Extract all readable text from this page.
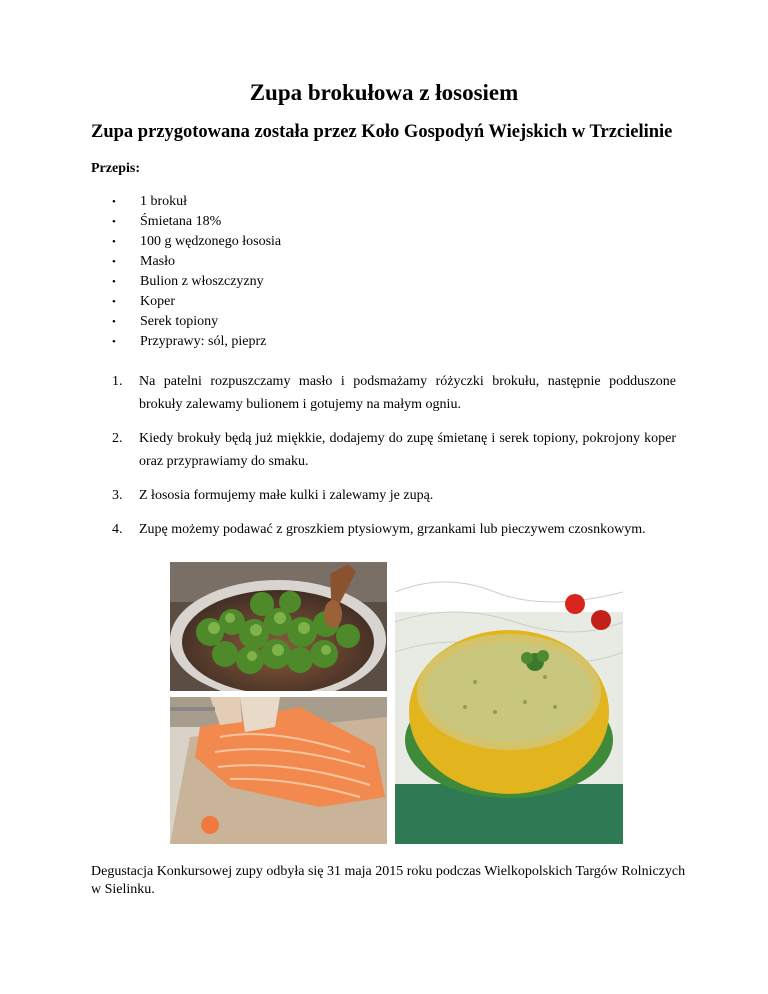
Zupa brokułowa z łososiem
Zupa przygotowana została przez Koło Gospodyń Wiejskich w Trzcielinie

Przepis:

• 1 brokuł
• Śmietana 18%
• 100 g wędzonego łososia
• Masło
• Bulion z włoszczyzny
• Koper
• Serek topiony
• Przyprawy: sól, pieprz
1. Na patelni rozpuszczamy masło i podsmażamy różyczki brokułu, następnie podduszone brokuły zalewamy bulionem i gotujemy na małym ogniu.
2. Kiedy brokuły będą już miękkie, dodajemy do zupę śmietanę i serek topiony, pokrojony koper oraz przyprawiamy do smaku.
3. Z łososia formujemy małe kulki i zalewamy je zupą.
4. Zupę możemy podawać z groszkiem ptysiowym, grzankami lub pieczywem czosnkowym.

Degustacja Konkursowej zupy odbyła się 31 maja 2015 roku podczas Wielkopolskich Targów Rolniczych w Sielinku.
